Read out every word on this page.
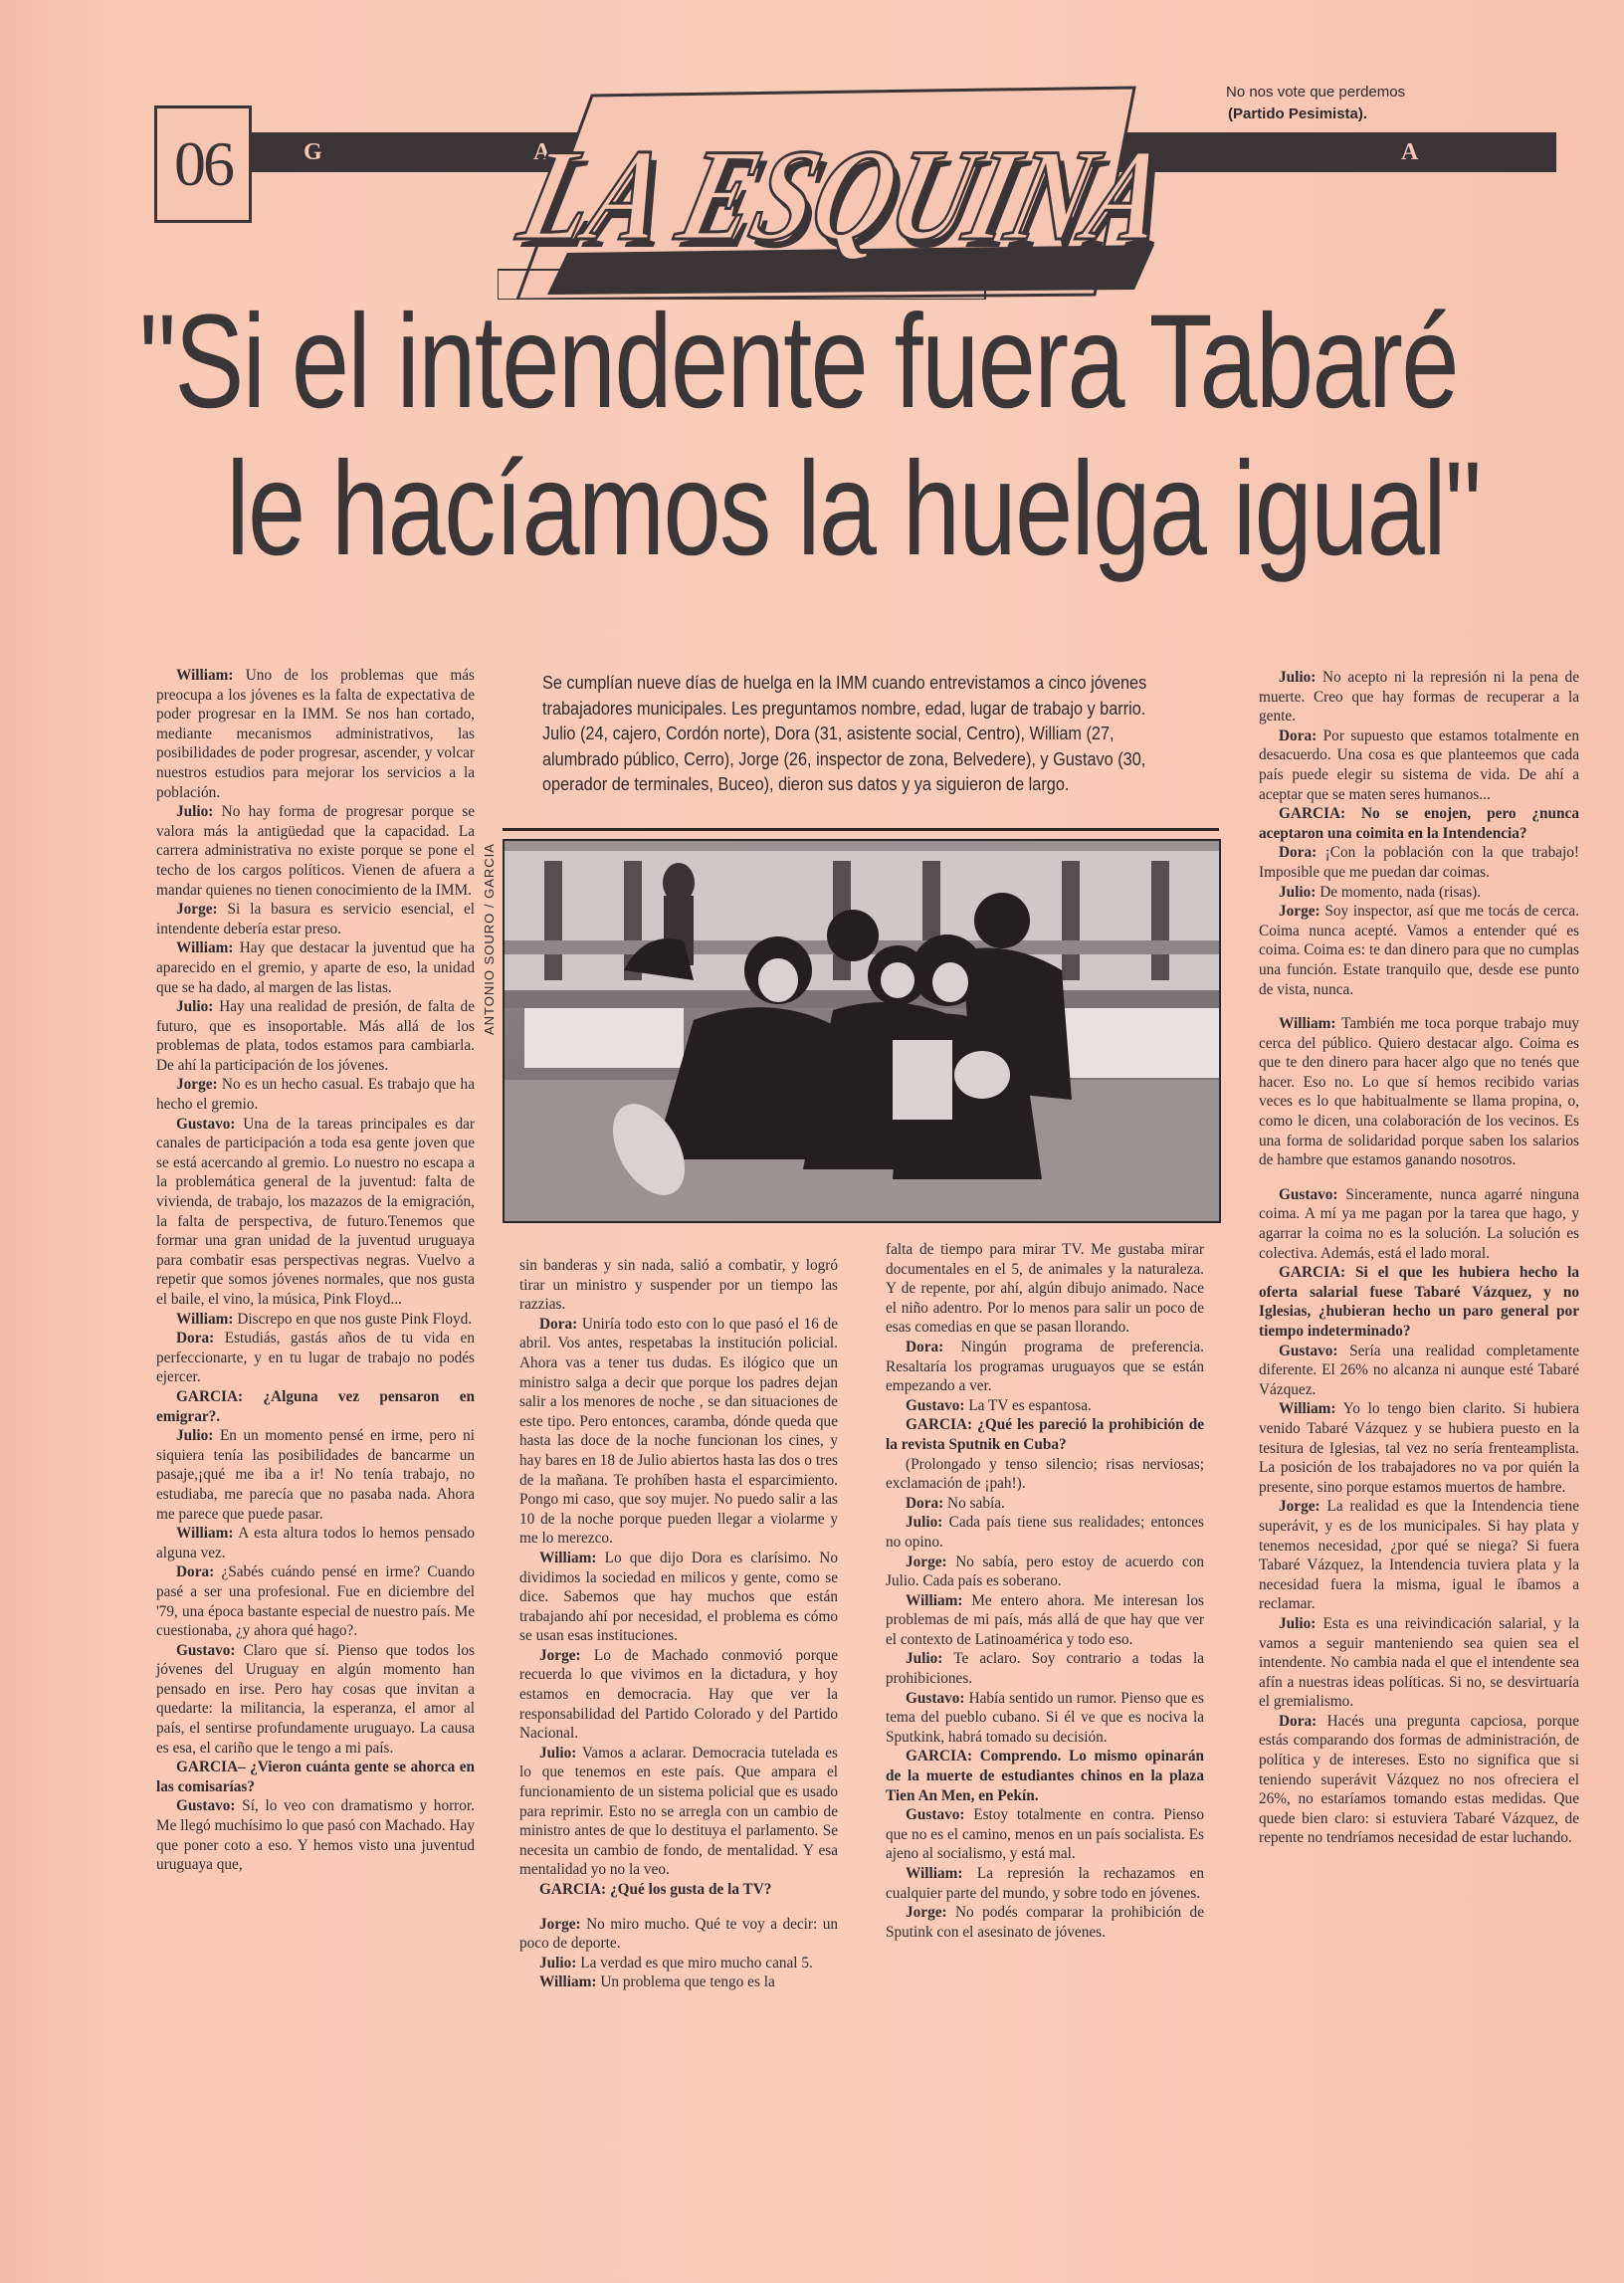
No nos vote que perdemos
(Partido Pesimista).
G	A	A
06 LA ESQUINA
LA ESQUINA
"Si el intendente fuera Tabaré
le hacíamos la huelga igual"
Se cumplían nueve días de huelga en la IMM cuando entrevistamos a cinco jóvenes trabajadores municipales. Les preguntamos nombre, edad, lugar de trabajo y barrio. Julio (24, cajero, Cordón norte), Dora (31, asistente social, Centro), William (27, alumbrado público, Cerro), Jorge (26, inspector de zona, Belvedere), y Gustavo (30, operador de terminales, Buceo), dieron sus datos y ya siguieron de largo.
ANTONIO SOURO / GARCIA

William: Uno de los problemas que más preocupa a los jóvenes es la falta de expectativa de poder progresar en la IMM. Se nos han cortado, mediante mecanismos administrativos, las posibilidades de poder progresar, ascender, y volcar nuestros estudios para mejorar los servicios a la población.

Julio: No hay forma de progresar porque se valora más la antigüedad que la capacidad. La carrera administrativa no existe porque se pone el techo de los cargos políticos. Vienen de afuera a mandar quienes no tienen conocimiento de la IMM.

Jorge: Si la basura es servicio esencial, el intendente debería estar preso.

William: Hay que destacar la juventud que ha aparecido en el gremio, y aparte de eso, la unidad que se ha dado, al margen de las listas.

Julio: Hay una realidad de presión, de falta de futuro, que es insoportable. Más allá de los problemas de plata, todos estamos para cambiarla. De ahí la participación de los jóvenes.

Jorge: No es un hecho casual. Es trabajo que ha hecho el gremio.

Gustavo: Una de la tareas principales es dar canales de participación a toda esa gente joven que se está acercando al gremio. Lo nuestro no escapa a la problemática general de la juventud: falta de vivienda, de trabajo, los mazazos de la emigración, la falta de perspectiva, de futuro.Tenemos que formar una gran unidad de la juventud uruguaya para combatir esas perspectivas negras. Vuelvo a repetir que somos jóvenes normales, que nos gusta el baile, el vino, la música, Pink Floyd...

William: Discrepo en que nos guste Pink Floyd.

Dora: Estudiás, gastás años de tu vida en perfeccionarte, y en tu lugar de trabajo no podés ejercer.

GARCIA: ¿Alguna vez pensaron en emigrar?.

Julio: En un momento pensé en irme, pero ni siquiera tenía las posibilidades de bancarme un pasaje,¡qué me iba a ir! No tenía trabajo, no estudiaba, me parecía que no pasaba nada. Ahora me parece que puede pasar.

William: A esta altura todos lo hemos pensado alguna vez.

Dora: ¿Sabés cuándo pensé en irme? Cuando pasé a ser una profesional. Fue en diciembre del '79, una época bastante especial de nuestro país. Me cuestionaba, ¿y ahora qué hago?.

Gustavo: Claro que sí. Pienso que todos los jóvenes del Uruguay en algún momento han pensado en irse. Pero hay cosas que invitan a quedarte: la militancia, la esperanza, el amor al país, el sentirse profundamente uruguayo. La causa es esa, el cariño que le tengo a mi país.

GARCIA– ¿Vieron cuánta gente se ahorca en las comisarías?

Gustavo: Sí, lo veo con dramatismo y horror. Me llegó muchísimo lo que pasó con Machado. Hay que poner coto a eso. Y hemos visto una juventud uruguaya que,

sin banderas y sin nada, salió a combatir, y logró tirar un ministro y suspender por un tiempo las razzias.

Dora: Uniría todo esto con lo que pasó el 16 de abril. Vos antes, respetabas la institución policial. Ahora vas a tener tus dudas. Es ilógico que un ministro salga a decir que porque los padres dejan salir a los menores de noche , se dan situaciones de este tipo. Pero entonces, caramba, dónde queda que hasta las doce de la noche funcionan los cines, y hay bares en 18 de Julio abiertos hasta las dos o tres de la mañana. Te prohíben hasta el esparcimiento. Pongo mi caso, que soy mujer. No puedo salir a las 10 de la noche porque pueden llegar a violarme y me lo merezco.

William: Lo que dijo Dora es clarísimo. No dividimos la sociedad en milicos y gente, como se dice. Sabemos que hay muchos que están trabajando ahí por necesidad, el problema es cómo se usan esas instituciones.

Jorge: Lo de Machado conmovió porque recuerda lo que vivimos en la dictadura, y hoy estamos en democracia. Hay que ver la responsabilidad del Partido Colorado y del Partido Nacional.

Julio: Vamos a aclarar. Democracia tutelada es lo que tenemos en este país. Que ampara el funcionamiento de un sistema policial que es usado para reprimir. Esto no se arregla con un cambio de ministro antes de que lo destituya el parlamento. Se necesita un cambio de fondo, de mentalidad. Y esa mentalidad yo no la veo.

GARCIA: ¿Qué los gusta de la TV?

Jorge: No miro mucho. Qué te voy a decir: un poco de deporte.

Julio: La verdad es que miro mucho canal 5.

William: Un problema que tengo es la

falta de tiempo para mirar TV. Me gustaba mirar documentales en el 5, de animales y la naturaleza. Y de repente, por ahí, algún dibujo animado. Nace el niño adentro. Por lo menos para salir un poco de esas comedias en que se pasan llorando.

Dora: Ningún programa de preferencia. Resaltaría los programas uruguayos que se están empezando a ver.

Gustavo: La TV es espantosa.

GARCIA: ¿Qué les pareció la prohibición de la revista Sputnik en Cuba?

(Prolongado y tenso silencio; risas nerviosas; exclamación de ¡pah!).

Dora: No sabía.

Julio: Cada país tiene sus realidades; entonces no opino.

Jorge: No sabía, pero estoy de acuerdo con Julio. Cada país es soberano.

William: Me entero ahora. Me interesan los problemas de mi país, más allá de que hay que ver el contexto de Latinoamérica y todo eso.

Julio: Te aclaro. Soy contrario a todas la prohibiciones.

Gustavo: Había sentido un rumor. Pienso que es tema del pueblo cubano. Si él ve que es nociva la Sputkink, habrá tomado su decisión.

GARCIA: Comprendo. Lo mismo opinarán de la muerte de estudiantes chinos en la plaza Tien An Men, en Pekín.

Gustavo: Estoy totalmente en contra. Pienso que no es el camino, menos en un país socialista. Es ajeno al socialismo, y está mal.

William: La represión la rechazamos en cualquier parte del mundo, y sobre todo en jóvenes.

Jorge: No podés comparar la prohibición de Sputink con el asesinato de jóvenes.

Julio: No acepto ni la represión ni la pena de muerte. Creo que hay formas de recuperar a la gente.

Dora: Por supuesto que estamos totalmente en desacuerdo. Una cosa es que planteemos que cada país puede elegir su sistema de vida. De ahí a aceptar que se maten seres humanos...

GARCIA: No se enojen, pero ¿nunca aceptaron una coimita en la Intendencia?

Dora: ¡Con la población con la que trabajo! Imposible que me puedan dar coimas.

Julio: De momento, nada (risas).

Jorge: Soy inspector, así que me tocás de cerca. Coima nunca acepté. Vamos a entender qué es coima. Coima es: te dan dinero para que no cumplas una función. Estate tranquilo que, desde ese punto de vista, nunca.

William: También me toca porque trabajo muy cerca del público. Quiero destacar algo. Coima es que te den dinero para hacer algo que no tenés que hacer. Eso no. Lo que sí hemos recibido varias veces es lo que habitualmente se llama propina, o, como le dicen, una colaboración de los vecinos. Es una forma de solidaridad porque saben los salarios de hambre que estamos ganando nosotros.

Gustavo: Sinceramente, nunca agarré ninguna coima. A mí ya me pagan por la tarea que hago, y agarrar la coima no es la solución. La solución es colectiva. Además, está el lado moral.

GARCIA: Si el que les hubiera hecho la oferta salarial fuese Tabaré Vázquez, y no Iglesias, ¿hubieran hecho un paro general por tiempo indeterminado?

Gustavo: Sería una realidad completamente diferente. El 26% no alcanza ni aunque esté Tabaré Vázquez.

William: Yo lo tengo bien clarito. Si hubiera venido Tabaré Vázquez y se hubiera puesto en la tesitura de Iglesias, tal vez no sería frenteamplista. La posición de los trabajadores no va por quién la presente, sino porque estamos muertos de hambre.

Jorge: La realidad es que la Intendencia tiene superávit, y es de los municipales. Si hay plata y tenemos necesidad, ¿por qué se niega? Si fuera Tabaré Vázquez, la Intendencia tuviera plata y la necesidad fuera la misma, igual le íbamos a reclamar.

Julio: Esta es una reivindicación salarial, y la vamos a seguir manteniendo sea quien sea el intendente. No cambia nada el que el intendente sea afín a nuestras ideas políticas. Si no, se desvirtuaría el gremialismo.

Dora: Hacés una pregunta capciosa, porque estás comparando dos formas de administración, de política y de intereses. Esto no significa que si teniendo superávit Vázquez no nos ofreciera el 26%, no estaríamos tomando estas medidas. Que quede bien claro: si estuviera Tabaré Vázquez, de repente no tendríamos necesidad de estar luchando.
